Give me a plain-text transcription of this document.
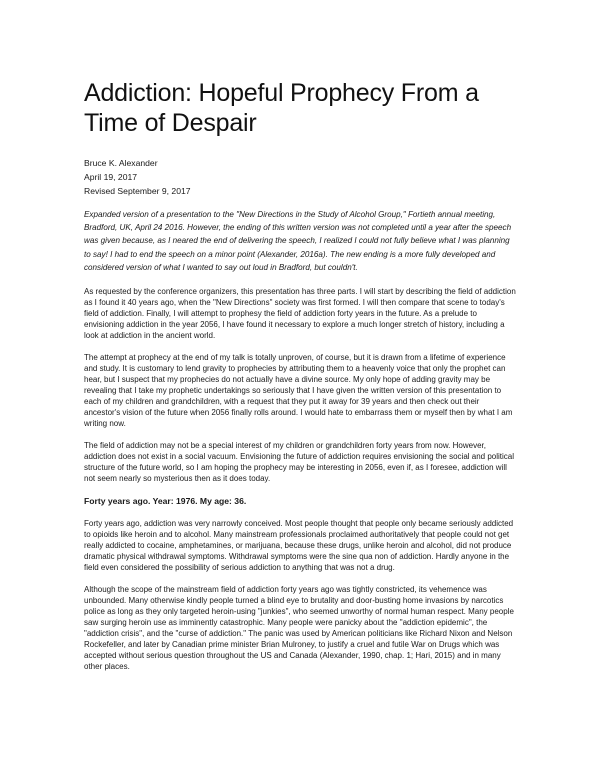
Addiction: Hopeful Prophecy From a Time of Despair
Bruce K. Alexander
April 19, 2017
Revised September 9, 2017
Expanded version of a presentation to the "New Directions in the Study of Alcohol Group," Fortieth annual meeting, Bradford, UK, April 24 2016. However, the ending of this written version was not completed until a year after the speech was given because, as I neared the end of delivering the speech, I realized I could not fully believe what I was planning to say! I had to end the speech on a minor point (Alexander, 2016a). The new ending is a more fully developed and considered version of what I wanted to say out loud in Bradford, but couldn't.

As requested by the conference organizers, this presentation has three parts. I will start by describing the field of addiction as I found it 40 years ago, when the "New Directions" society was first formed. I will then compare that scene to today's field of addiction. Finally, I will attempt to prophesy the field of addiction forty years in the future. As a prelude to envisioning addiction in the year 2056, I have found it necessary to explore a much longer stretch of history, including a look at addiction in the ancient world.

The attempt at prophecy at the end of my talk is totally unproven, of course, but it is drawn from a lifetime of experience and study. It is customary to lend gravity to prophecies by attributing them to a heavenly voice that only the prophet can hear, but I suspect that my prophecies do not actually have a divine source. My only hope of adding gravity may be revealing that I take my prophetic undertakings so seriously that I have given the written version of this presentation to each of my children and grandchildren, with a request that they put it away for 39 years and then check out their ancestor's vision of the future when 2056 finally rolls around. I would hate to embarrass them or myself then by what I am writing now.

The field of addiction may not be a special interest of my children or grandchildren forty years from now. However, addiction does not exist in a social vacuum. Envisioning the future of addiction requires envisioning the social and political structure of the future world, so I am hoping the prophecy may be interesting in 2056, even if, as I foresee, addiction will not seem nearly so mysterious then as it does today.

Forty years ago. Year: 1976. My age: 36.

Forty years ago, addiction was very narrowly conceived. Most people thought that people only became seriously addicted to opioids like heroin and to alcohol. Many mainstream professionals proclaimed authoritatively that people could not get really addicted to cocaine, amphetamines, or marijuana, because these drugs, unlike heroin and alcohol, did not produce dramatic physical withdrawal symptoms. Withdrawal symptoms were the sine qua non of addiction. Hardly anyone in the field even considered the possibility of serious addiction to anything that was not a drug.

Although the scope of the mainstream field of addiction forty years ago was tightly constricted, its vehemence was unbounded. Many otherwise kindly people turned a blind eye to brutality and door-busting home invasions by narcotics police as long as they only targeted heroin-using "junkies", who seemed unworthy of normal human respect. Many people saw surging heroin use as imminently catastrophic. Many people were panicky about the "addiction epidemic", the "addiction crisis", and the "curse of addiction." The panic was used by American politicians like Richard Nixon and Nelson Rockefeller, and later by Canadian prime minister Brian Mulroney, to justify a cruel and futile War on Drugs which was accepted without serious question throughout the US and Canada (Alexander, 1990, chap. 1; Hari, 2015) and in many other places.
